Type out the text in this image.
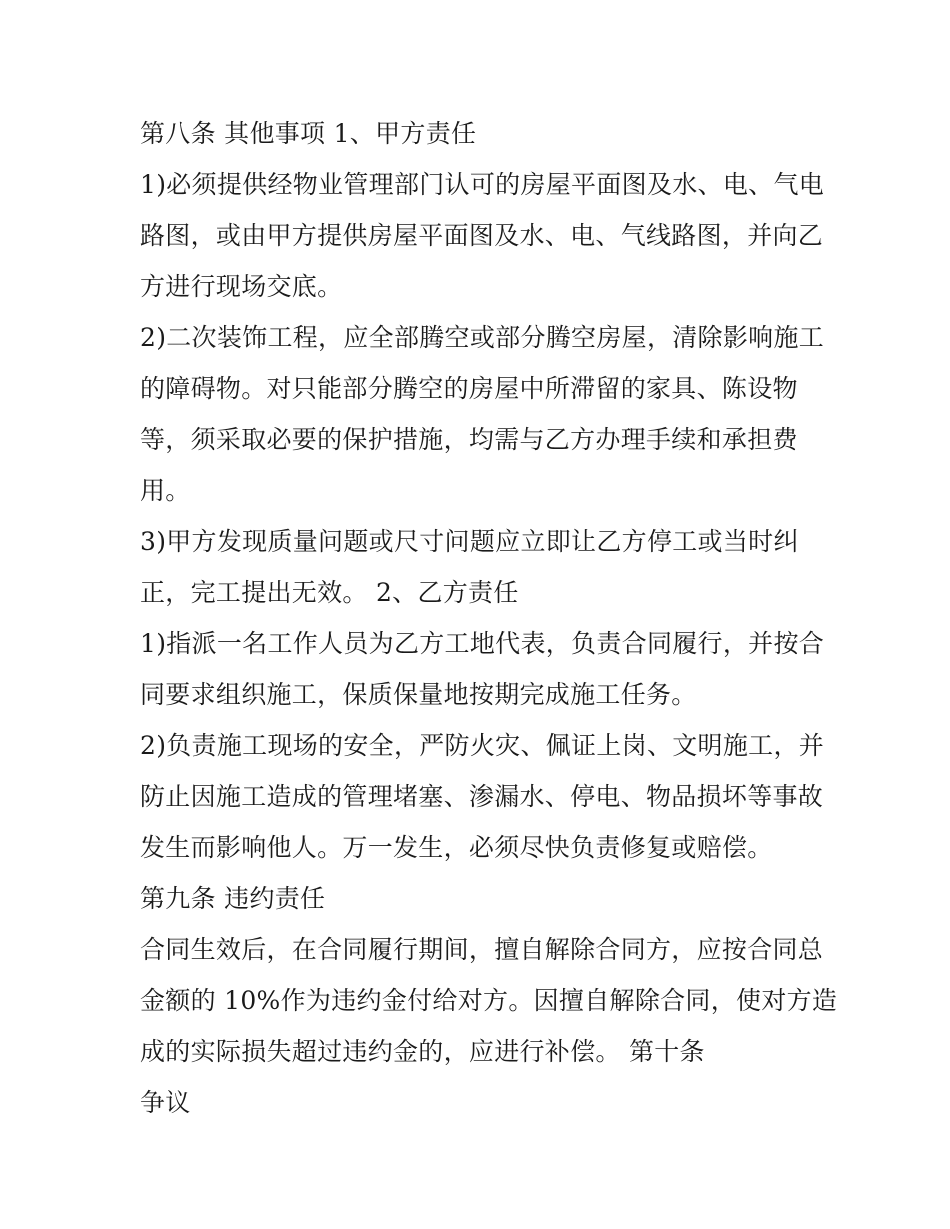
第八条 其他事项 1、甲方责任
1)必须提供经物业管理部门认可的房屋平面图及水、电、气电
路图，或由甲方提供房屋平面图及水、电、气线路图，并向乙
方进行现场交底。
2)二次装饰工程，应全部腾空或部分腾空房屋，清除影响施工
的障碍物。对只能部分腾空的房屋中所滞留的家具、陈设物
等，须采取必要的保护措施，均需与乙方办理手续和承担费
用。
3)甲方发现质量问题或尺寸问题应立即让乙方停工或当时纠
正，完工提出无效。 2、乙方责任
1)指派一名工作人员为乙方工地代表，负责合同履行，并按合
同要求组织施工，保质保量地按期完成施工任务。
2)负责施工现场的安全，严防火灾、佩证上岗、文明施工，并
防止因施工造成的管理堵塞、渗漏水、停电、物品损坏等事故
发生而影响他人。万一发生，必须尽快负责修复或赔偿。
第九条 违约责任
合同生效后，在合同履行期间，擅自解除合同方，应按合同总
金额的 10%作为违约金付给对方。因擅自解除合同，使对方造
成的实际损失超过违约金的，应进行补偿。 第十条
争议
